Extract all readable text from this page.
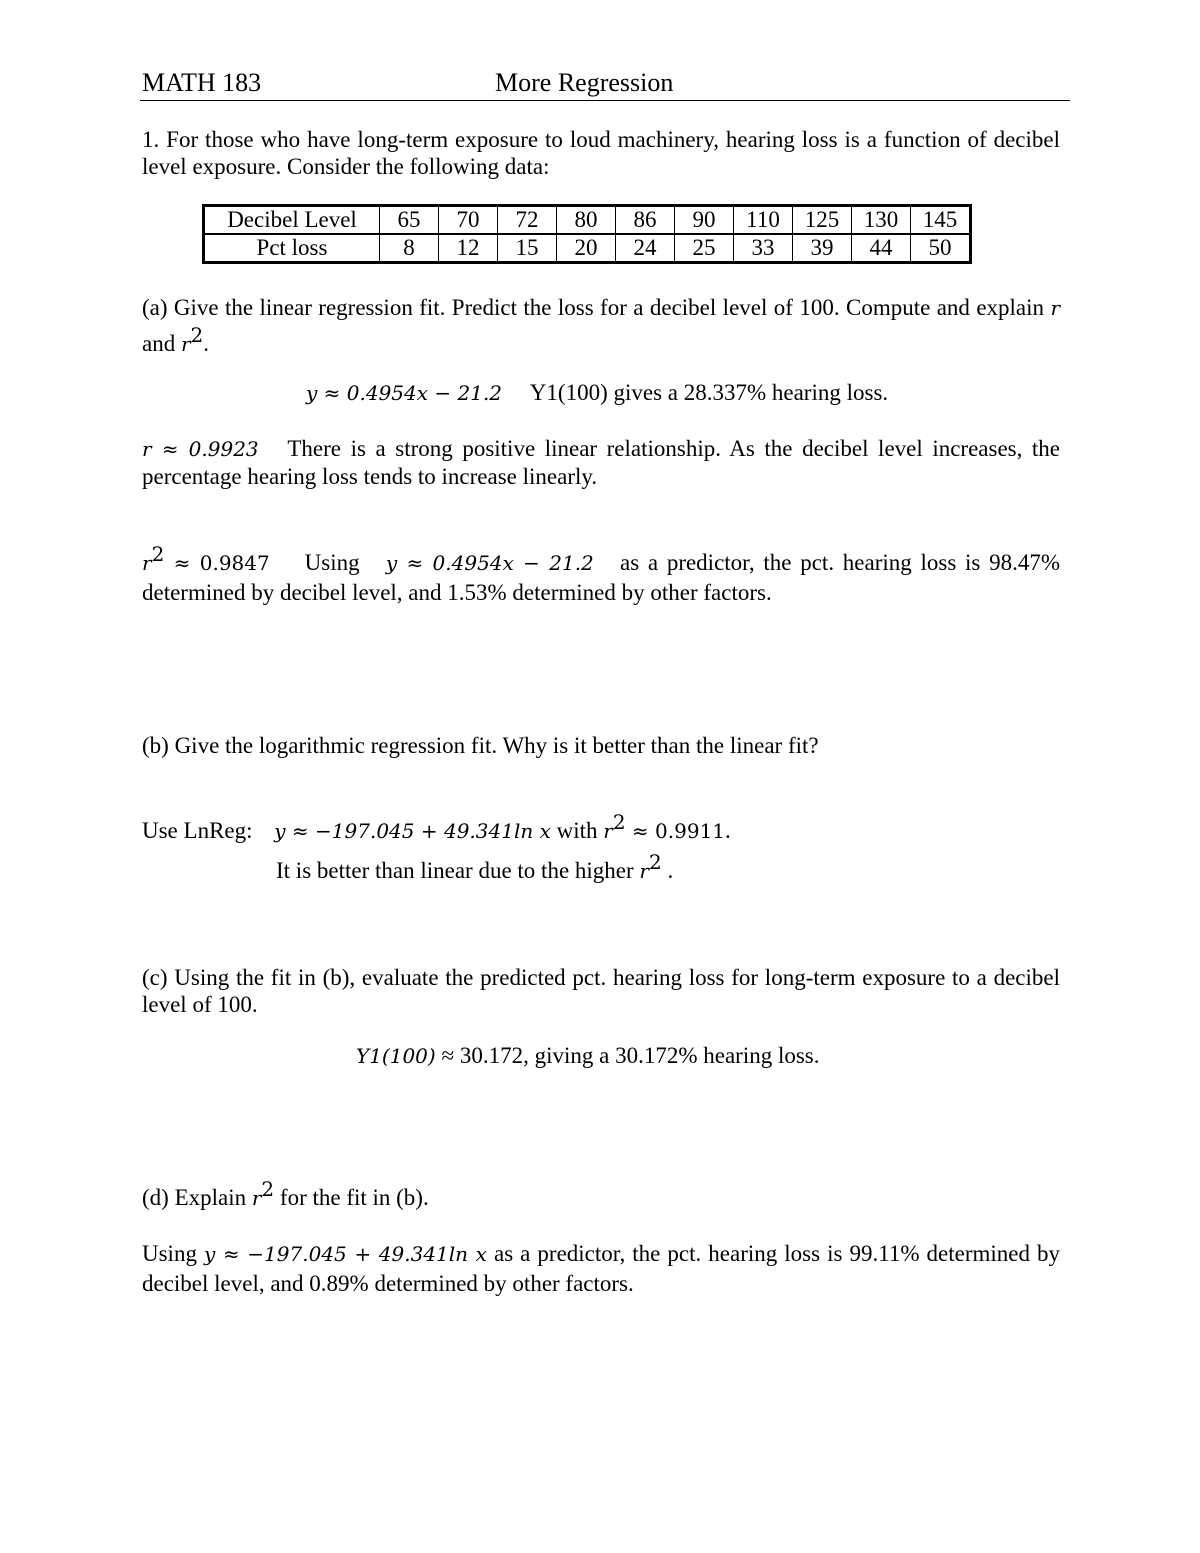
MATH 183	More Regression
1. For those who have long-term exposure to loud machinery, hearing loss is a function of decibel level exposure. Consider the following data:
Decibel Level	65	70	72	80	86	90	110	125	130	145
Pct loss	8	12	15	20	24	25	33	39	44	50
(a) Give the linear regression fit. Predict the loss for a decibel level of 100. Compute and explain r and $r^2$.
y ≈ 0.4954x − 21.2 Y1(100) gives a 28.337% hearing loss.
r ≈ 0.9923 There is a strong positive linear relationship. As the decibel level increases, the percentage hearing loss tends to increase linearly.
$r^2 \approx 0.9847$ Using y ≈ 0.4954x − 21.2 as a predictor, the pct. hearing loss is 98.47% determined by decibel level, and 1.53% determined by other factors.
(b) Give the logarithmic regression fit. Why is it better than the linear fit?
Use LnReg: y ≈ −197.045 + 49.341ln x with $r^2 \approx 0.9911$.
It is better than linear due to the higher $r^2$ .
(c) Using the fit in (b), evaluate the predicted pct. hearing loss for long-term exposure to a decibel level of 100.
Y1(100) ≈ 30.172, giving a 30.172% hearing loss.
(d) Explain $r^2$ for the fit in (b).
Using y ≈ −197.045 + 49.341ln x as a predictor, the pct. hearing loss is 99.11% determined by decibel level, and 0.89% determined by other factors.
